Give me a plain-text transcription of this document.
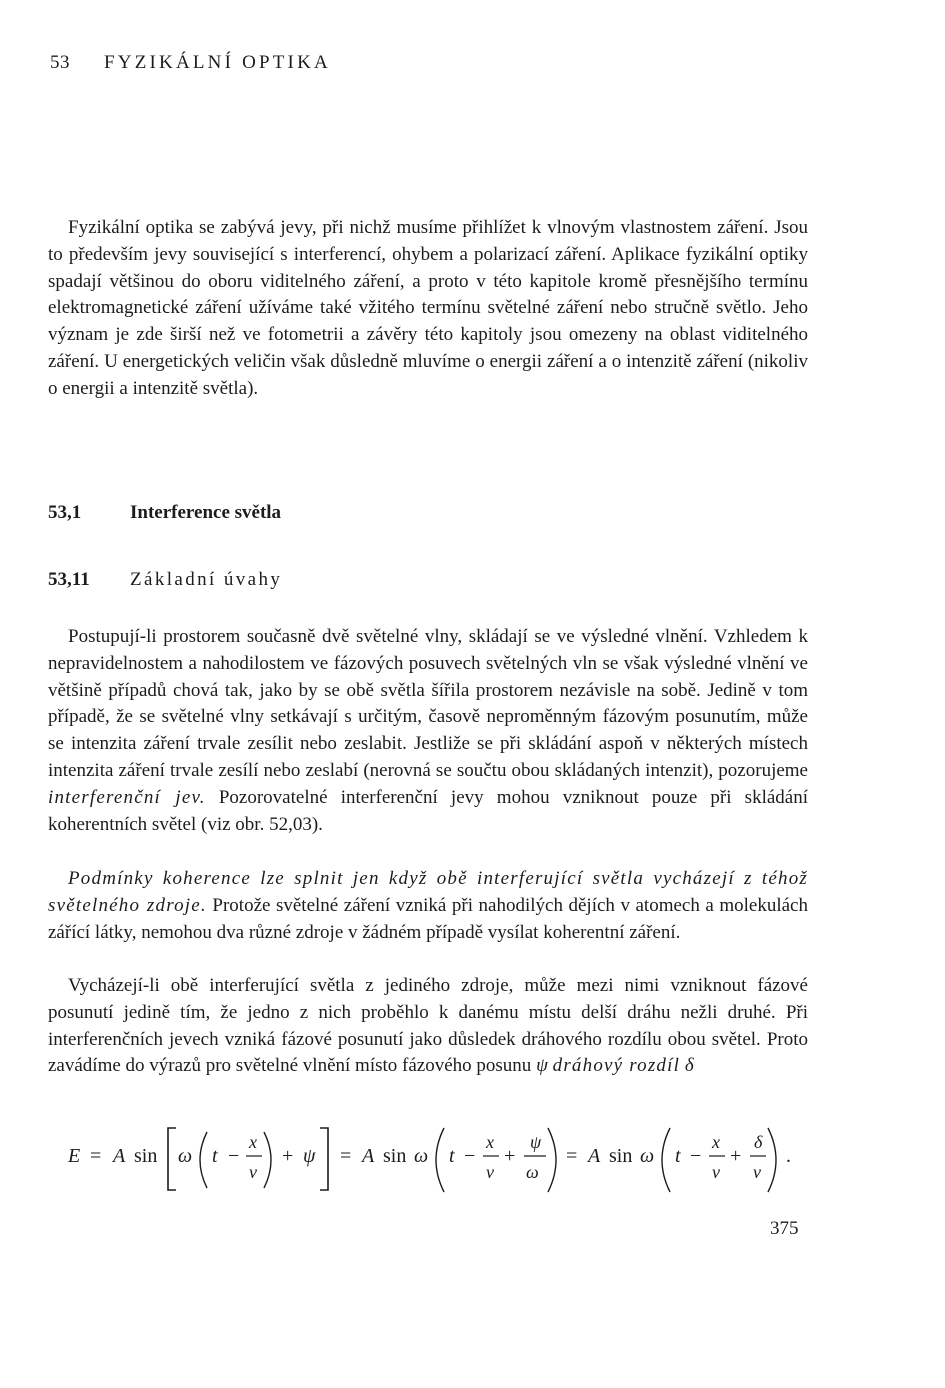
53 FYZIKÁLNÍ OPTIKA

Fyzikální optika se zabývá jevy, při nichž musíme přihlížet k vlnovým vlastnostem záření. Jsou to především jevy související s interferencí, ohybem a polarizací záření. Aplikace fyzikální optiky spadají většinou do oboru viditelného záření, a proto v této kapitole kromě přesnějšího termínu elektromagnetické záření užíváme také vžitého termínu světelné záření nebo stručně světlo. Jeho význam je zde širší než ve fotometrii a závěry této kapitoly jsou omezeny na oblast viditelného záření. U energetických veličin však důsledně mluvíme o energii záření a o intenzitě záření (nikoliv o energii a intenzitě světla).

53,1	Interference světla
53,11 Základní úvahy

Postupují-li prostorem současně dvě světelné vlny, skládají se ve výsledné vlnění. Vzhledem k nepravidelnostem a nahodilostem ve fázových posuvech světelných vln se však výsledné vlnění ve většině případů chová tak, jako by se obě světla šířila prostorem nezávisle na sobě. Jedině v tom případě, že se světelné vlny setkávají s určitým, časově neproměnným fázovým posunutím, může se intenzita záření trvale zesílit nebo zeslabit. Jestliže se při skládání aspoň v některých místech intenzita záření trvale zesílí nebo zeslabí (nerovná se součtu obou skládaných intenzit), pozorujeme interferenční jev. Pozorovatelné interferenční jevy mohou vzniknout pouze při skládání koherentních světel (viz obr. 52,03).

Podmínky koherence lze splnit jen když obě interferující světla vycházejí z téhož světelného zdroje. Protože světelné záření vzniká při nahodilých dějích v atomech a molekulách zářící látky, nemohou dva různé zdroje v žádném případě vysílat koherentní záření.

Vycházejí-li obě interferující světla z jediného zdroje, může mezi nimi vzniknout fázové posunutí jedině tím, že jedno z nich proběhlo k danému místu delší dráhu nežli druhé. Při interferenčních jevech vzniká fázové posunutí jako důsledek dráhového rozdílu obou světel. Proto zavádíme do výrazů pro světelné vlnění místo fázového posunu ψ dráhový rozdíl δ

E = A sin ω t −
x
v
+ ψ = A sin ω t −
x
v
+
ψ
ω
= A sin ω t −
x
v
+
δ
v
.
375
